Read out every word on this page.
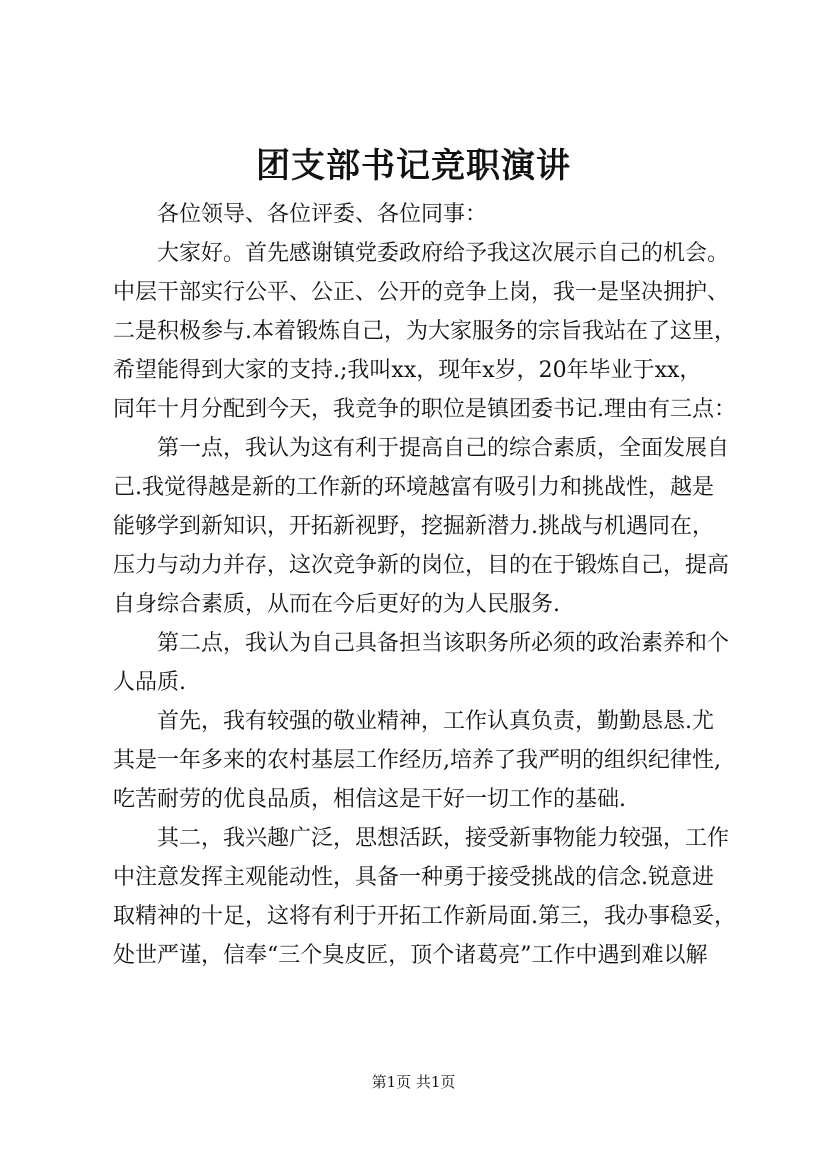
团支部书记竞职演讲
各位领导、各位评委、各位同事：
大家好。首先感谢镇党委政府给予我这次展示自己的机会。
中层干部实行公平、公正、公开的竞争上岗，我一是坚决拥护、
二是积极参与.本着锻炼自己，为大家服务的宗旨我站在了这里，
希望能得到大家的支持.;我叫xx，现年x岁，20年毕业于xx，
同年十月分配到今天，我竞争的职位是镇团委书记.理由有三点：
第一点，我认为这有利于提高自己的综合素质，全面发展自
己.我觉得越是新的工作新的环境越富有吸引力和挑战性，越是
能够学到新知识，开拓新视野，挖掘新潜力.挑战与机遇同在，
压力与动力并存，这次竞争新的岗位，目的在于锻炼自己，提高
自身综合素质，从而在今后更好的为人民服务.
第二点，我认为自己具备担当该职务所必须的政治素养和个
人品质.
首先，我有较强的敬业精神，工作认真负责，勤勤恳恳.尤
其是一年多来的农村基层工作经历,培养了我严明的组织纪律性,
吃苦耐劳的优良品质，相信这是干好一切工作的基础.
其二，我兴趣广泛，思想活跃，接受新事物能力较强，工作
中注意发挥主观能动性，具备一种勇于接受挑战的信念.锐意进
取精神的十足，这将有利于开拓工作新局面.第三，我办事稳妥，
处世严谨，信奉“三个臭皮匠，顶个诸葛亮”工作中遇到难以解
第1页 共1页
